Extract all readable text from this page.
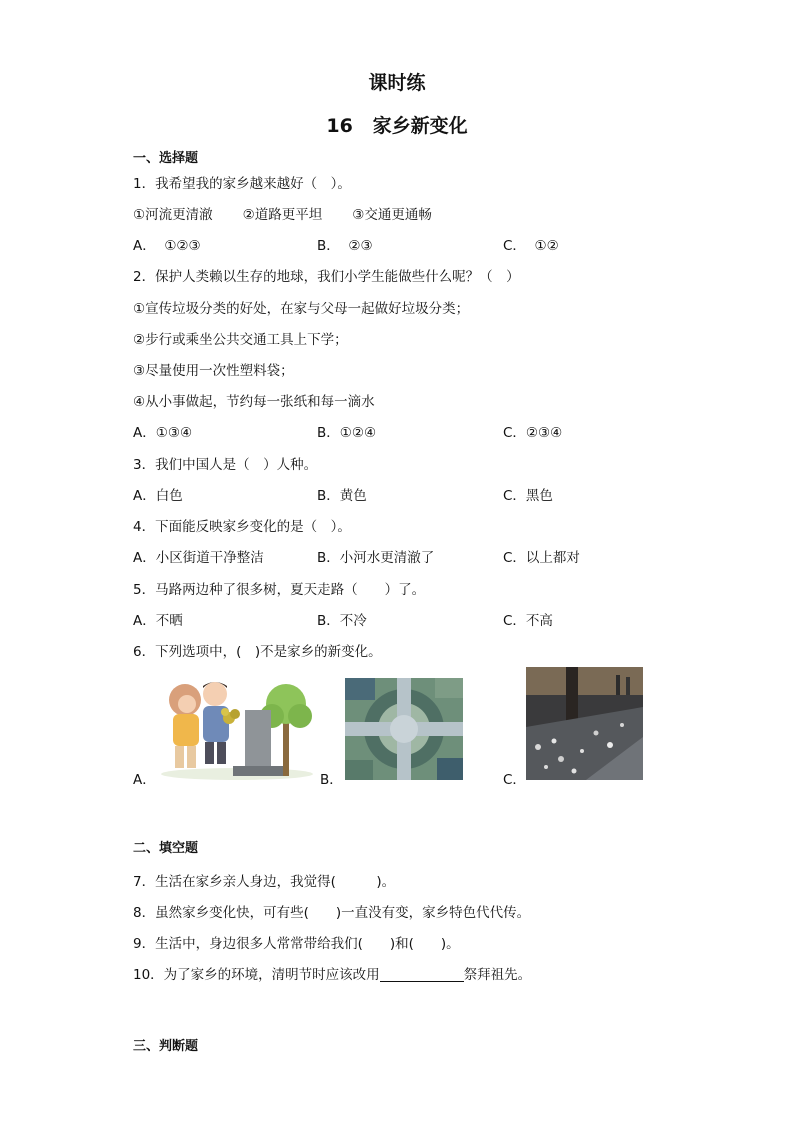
课时练
16   家乡新变化
一、选择题
1．我希望我的家乡越来越好（　）。
①河流更清澈 ②道路更平坦 ③交通更通畅
A．  ①②③	B．  ②③	C．  ①②
2．保护人类赖以生存的地球，我们小学生能做些什么呢？（　）
①宣传垃圾分类的好处，在家与父母一起做好垃圾分类；
②步行或乘坐公共交通工具上下学；
③尽量使用一次性塑料袋；
④从小事做起，节约每一张纸和每一滴水
A．①③④	B．①②④	C．②③④
3．我们中国人是（　）人种。
A．白色	B．黄色	C．黑色
4．下面能反映家乡变化的是（　）。
A．小区街道干净整洁	B．小河水更清澈了	C．以上都对
5．马路两边种了很多树，夏天走路（　　）了。
A．不晒	B．不冷	C．不高
6．下列选项中，(　)不是家乡的新变化。
A．	B．	C．
二、填空题
7．生活在家乡亲人身边，我觉得(　　　)。
8．虽然家乡变化快，可有些(　　)一直没有变，家乡特色代代传。
9．生活中，身边很多人常常带给我们(　　)和(　　)。
10．为了家乡的环境，清明节时应该改用	祭拜祖先。
三、判断题
